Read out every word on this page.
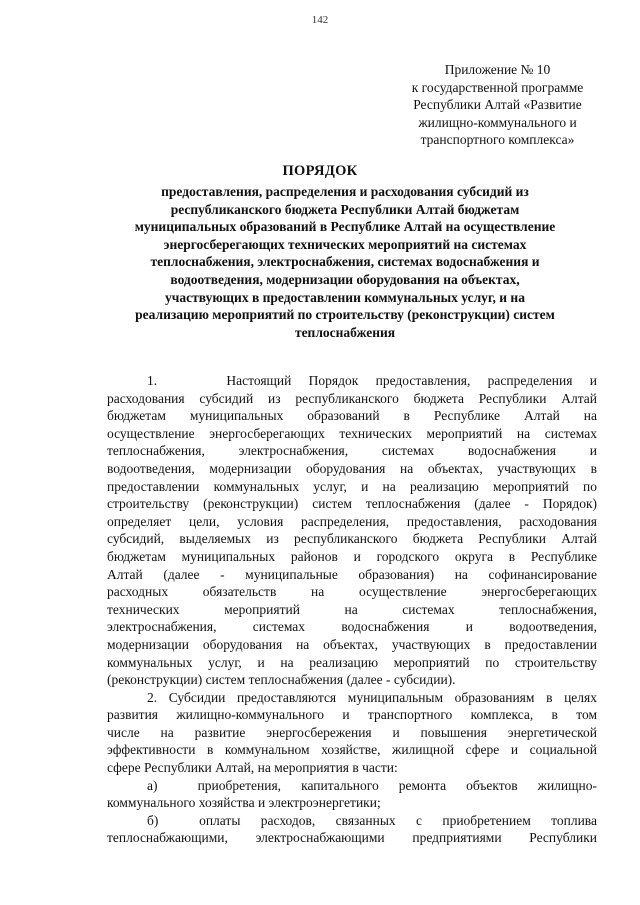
142
Приложение № 10
к государственной программе
Республики Алтай «Развитие
жилищно-коммунального и
транспортного комплекса»
ПОРЯДОК
предоставления, распределения и расходования субсидий из
республиканского бюджета Республики Алтай бюджетам
муниципальных образований в Республике Алтай на осуществление
энергосберегающих технических мероприятий на системах
теплоснабжения, электроснабжения, системах водоснабжения и
водоотведения, модернизации оборудования на объектах,
участвующих в предоставлении коммунальных услуг, и на
реализацию мероприятий по строительству (реконструкции) систем
теплоснабжения
1.    Настоящий Порядок предоставления, распределения и
расходования субсидий из республиканского бюджета Республики Алтай
бюджетам муниципальных образований в Республике Алтай на
осуществление энергосберегающих технических мероприятий на системах
теплоснабжения, электроснабжения, системах водоснабжения и
водоотведения, модернизации оборудования на объектах, участвующих в
предоставлении коммунальных услуг, и на реализацию мероприятий по
строительству (реконструкции) систем теплоснабжения (далее - Порядок)
определяет цели, условия распределения, предоставления, расходования
субсидий, выделяемых из республиканского бюджета Республики Алтай
бюджетам муниципальных районов и городского округа в Республике
Алтай (далее - муниципальные образования) на софинансирование
расходных обязательств на осуществление энергосберегающих
технических мероприятий на системах теплоснабжения,
электроснабжения, системах водоснабжения и водоотведения,
модернизации оборудования на объектах, участвующих в предоставлении
коммунальных услуг, и на реализацию мероприятий по строительству
(реконструкции) систем теплоснабжения (далее - субсидии).
2. Субсидии предоставляются муниципальным образованиям в целях
развития жилищно-коммунального и транспортного комплекса, в том
числе на развитие энергосбережения и повышения энергетической
эффективности в коммунальном хозяйстве, жилищной сфере и социальной
сфере Республики Алтай, на мероприятия в части:
а)  приобретения, капитального ремонта объектов жилищно-
коммунального хозяйства и электроэнергетики;
б)  оплаты расходов, связанных с приобретением топлива
теплоснабжающими, электроснабжающими предприятиями Республики
